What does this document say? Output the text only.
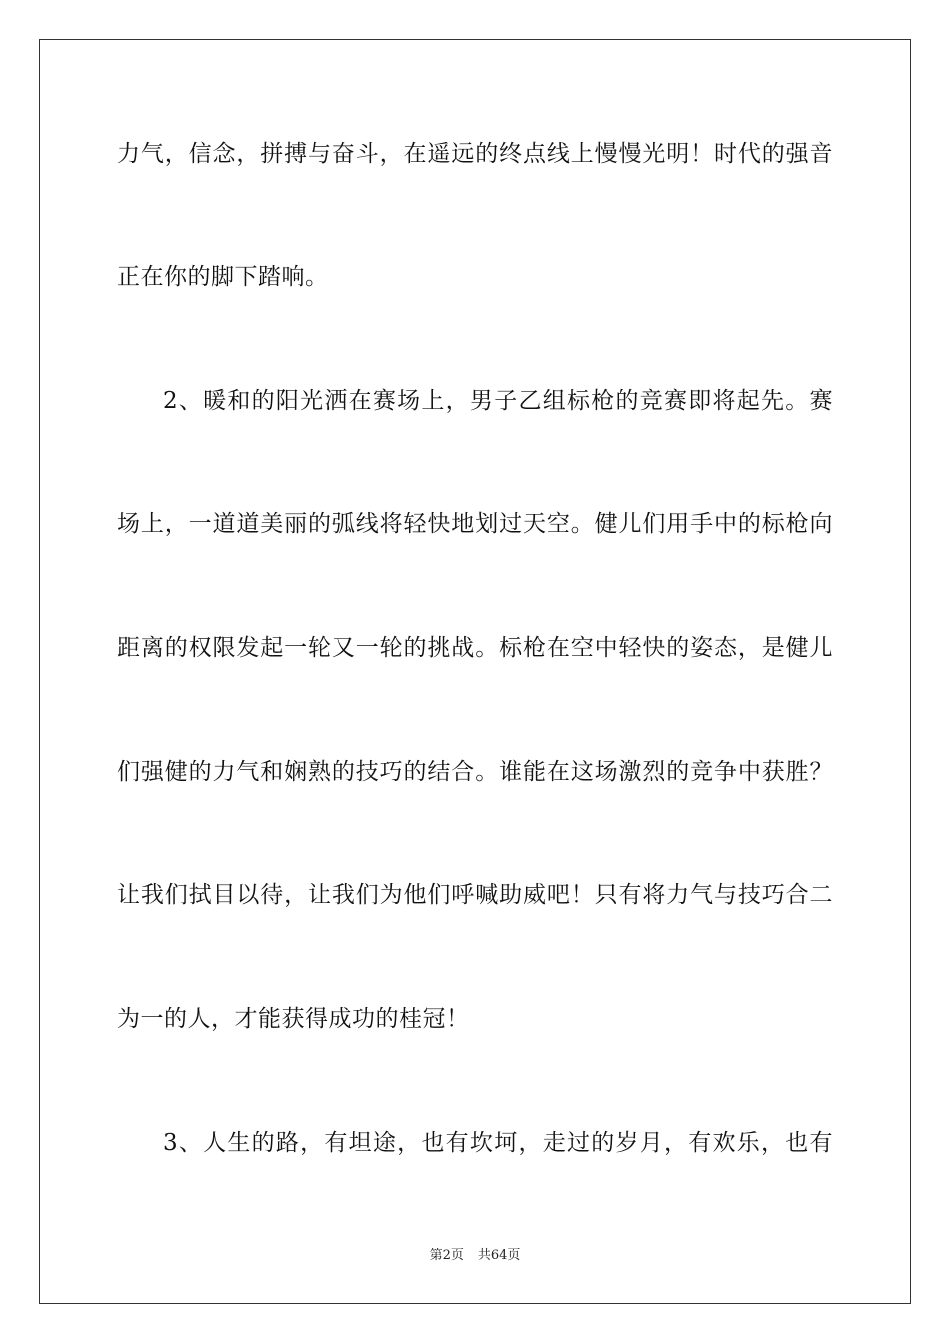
力气，信念，拼搏与奋斗，在遥远的终点线上慢慢光明！时代的强音
正在你的脚下踏响。
2、暖和的阳光洒在赛场上，男子乙组标枪的竞赛即将起先。赛
场上，一道道美丽的弧线将轻快地划过天空。健儿们用手中的标枪向
距离的权限发起一轮又一轮的挑战。标枪在空中轻快的姿态，是健儿
们强健的力气和娴熟的技巧的结合。谁能在这场激烈的竞争中获胜？
让我们拭目以待，让我们为他们呼喊助威吧！只有将力气与技巧合二
为一的人，才能获得成功的桂冠！
3、人生的路，有坦途，也有坎坷，走过的岁月，有欢乐，也有
第2页 共64页
